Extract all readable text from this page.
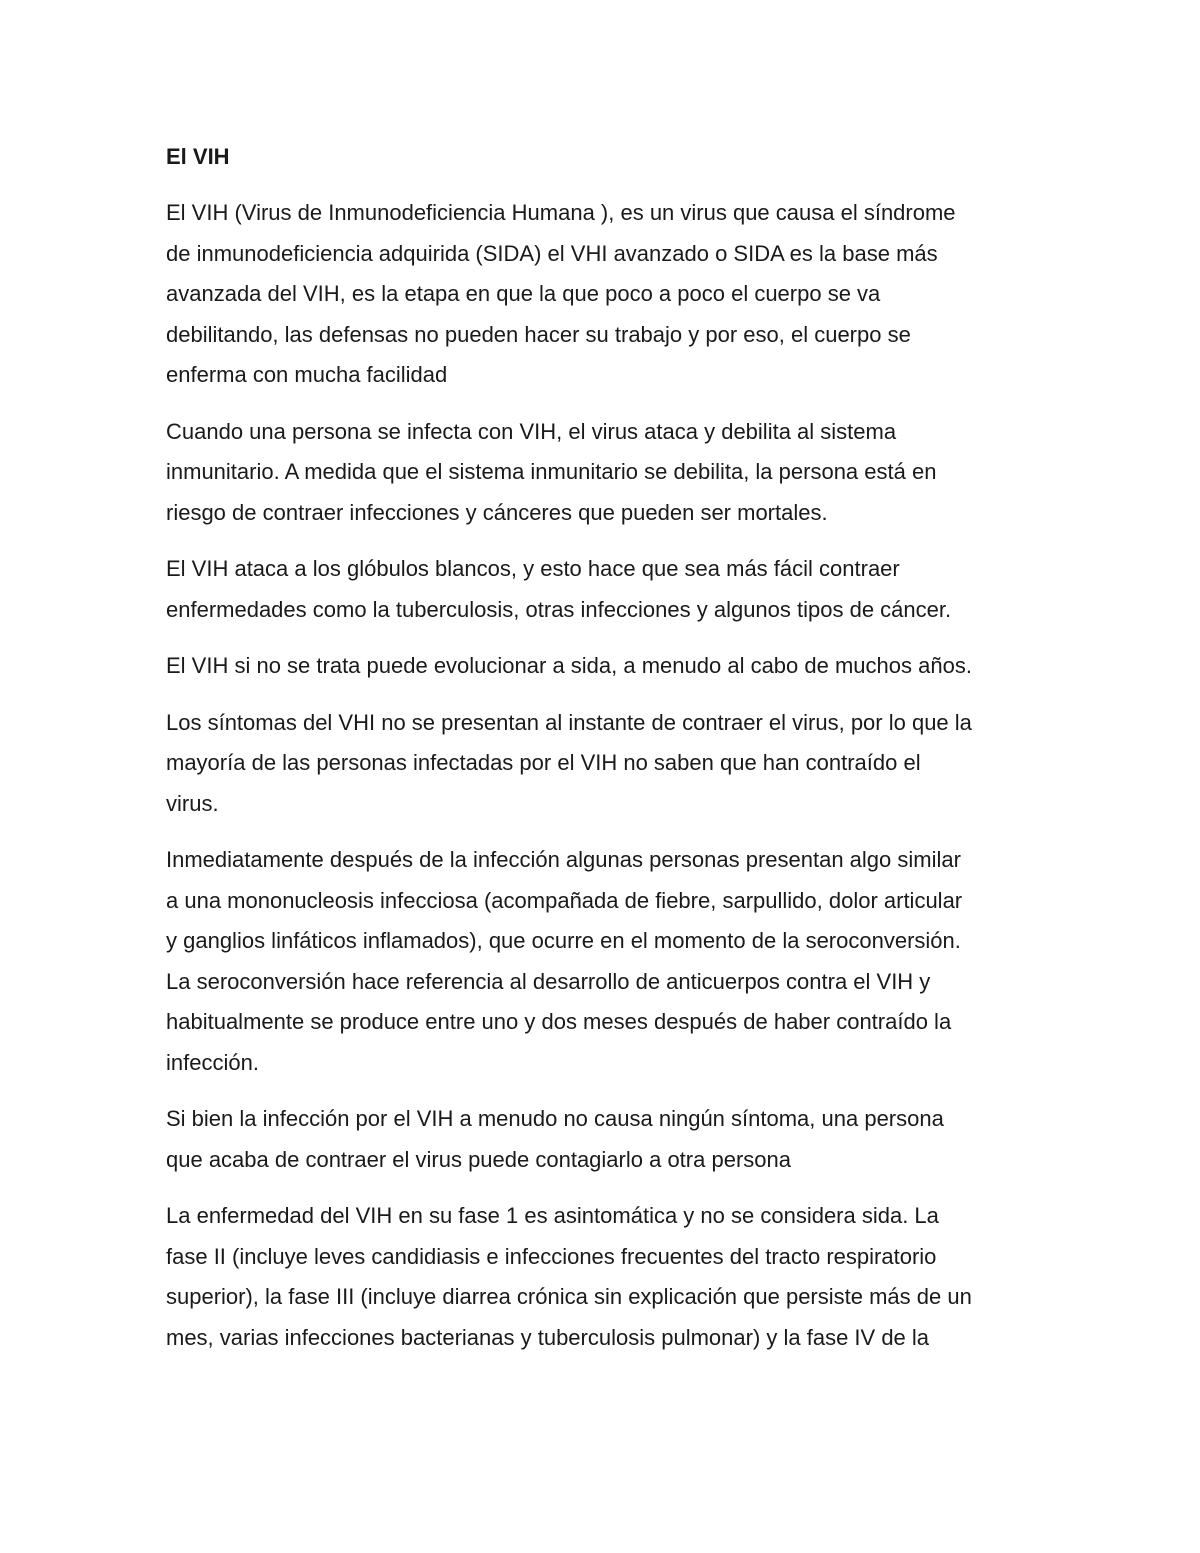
El VIH
El VIH (Virus de Inmunodeficiencia Humana ), es un virus que causa el síndrome
de inmunodeficiencia adquirida (SIDA) el VHI avanzado o SIDA es la base más
avanzada del VIH, es la etapa en que la que poco a poco el cuerpo se va
debilitando, las defensas no pueden hacer su trabajo y por eso, el cuerpo se
enferma con mucha facilidad
Cuando una persona se infecta con VIH, el virus ataca y debilita al sistema
inmunitario. A medida que el sistema inmunitario se debilita, la persona está en
riesgo de contraer infecciones y cánceres que pueden ser mortales.
El VIH ataca a los glóbulos blancos, y esto hace que sea más fácil contraer
enfermedades como la tuberculosis, otras infecciones y algunos tipos de cáncer.
El VIH si no se trata puede evolucionar a sida, a menudo al cabo de muchos años.
Los síntomas del VHI no se presentan al instante de contraer el virus, por lo que la
mayoría de las personas infectadas por el VIH no saben que han contraído el
virus.
Inmediatamente después de la infección algunas personas presentan algo similar
a una mononucleosis infecciosa (acompañada de fiebre, sarpullido, dolor articular
y ganglios linfáticos inflamados), que ocurre en el momento de la seroconversión.
La seroconversión hace referencia al desarrollo de anticuerpos contra el VIH y
habitualmente se produce entre uno y dos meses después de haber contraído la
infección.
Si bien la infección por el VIH a menudo no causa ningún síntoma, una persona
que acaba de contraer el virus puede contagiarlo a otra persona
La enfermedad del VIH en su fase 1 es asintomática y no se considera sida. La
fase II (incluye leves candidiasis e infecciones frecuentes del tracto respiratorio
superior), la fase III (incluye diarrea crónica sin explicación que persiste más de un
mes, varias infecciones bacterianas y tuberculosis pulmonar) y la fase IV de la
